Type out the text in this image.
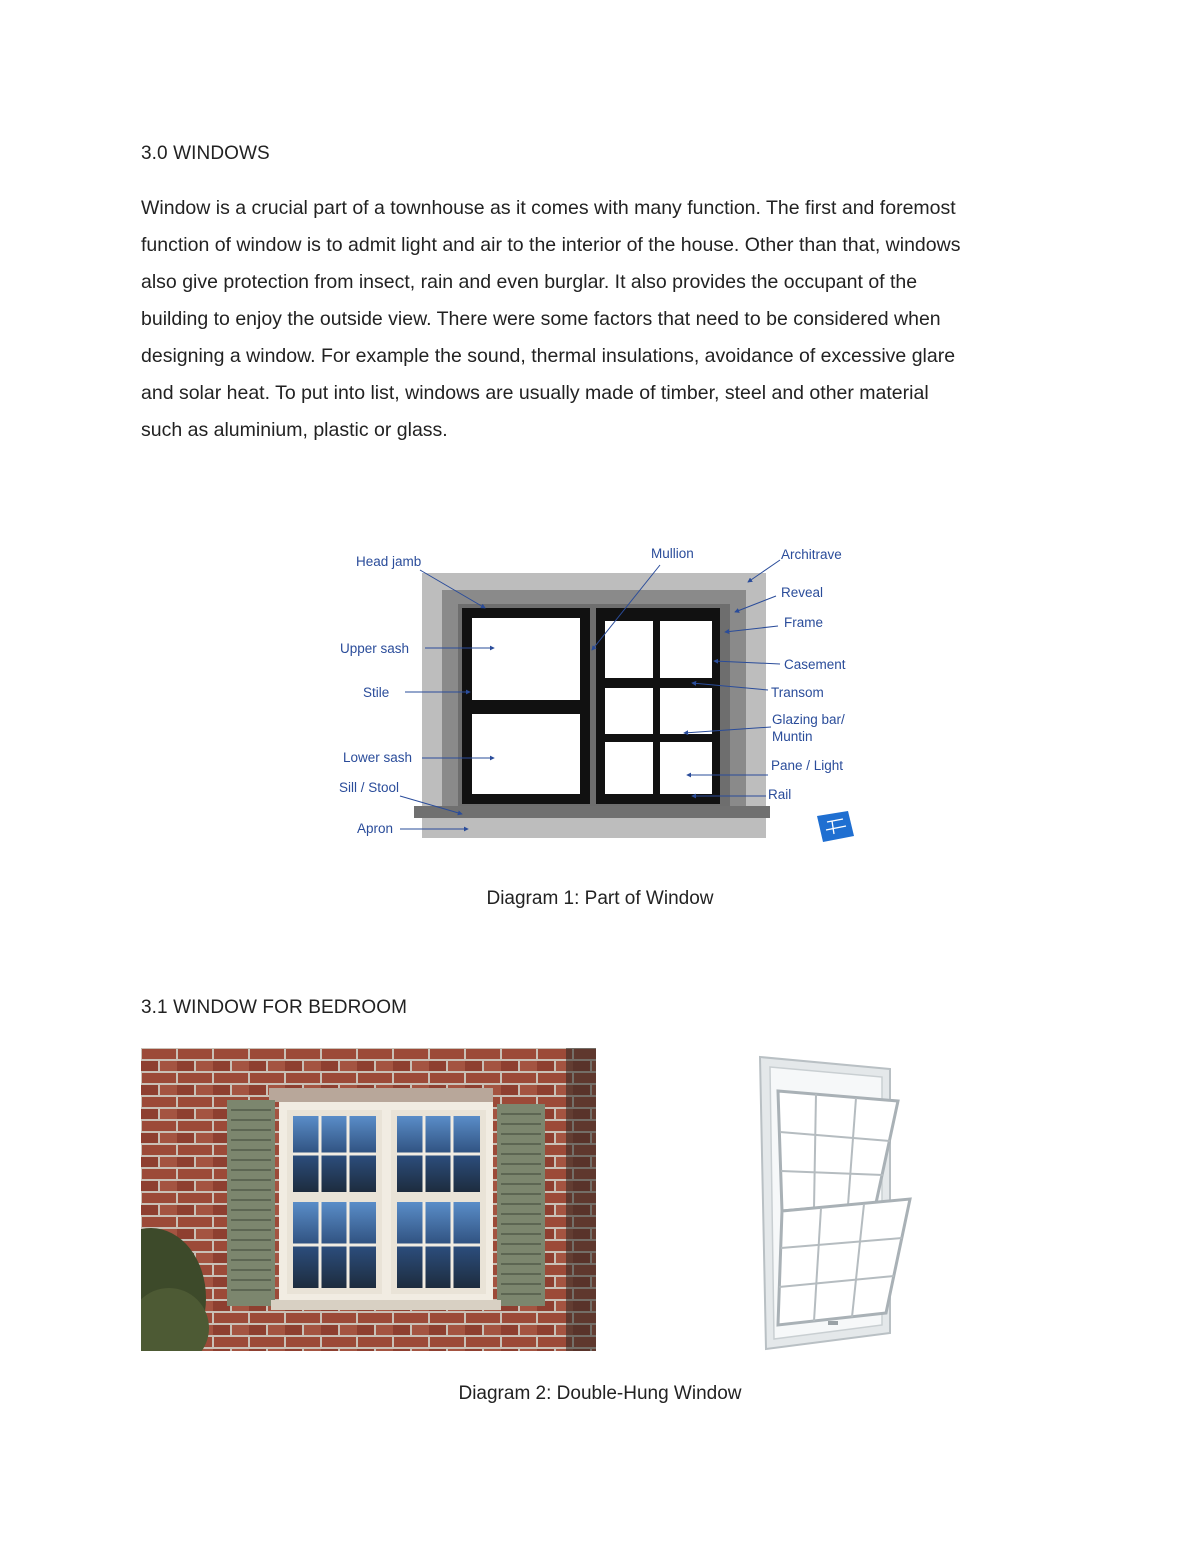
3.0 WINDOWS

Window is a crucial part of a townhouse as it comes with many function. The first and foremost
function of window is to admit light and air to the interior of the house. Other than that, windows
also give protection from insect, rain and even burglar. It also provides the occupant of the
building to enjoy the outside view. There were some factors that need to be considered when
designing a window. For example the sound, thermal insulations, avoidance of excessive glare
and solar heat. To put into list, windows are usually made of timber, steel and other material
such as aluminium, plastic or glass.

Head jamb
Mullion	Architrave
Reveal
Frame
Upper sash
Casement
Stile	Transom
Glazing bar/
Muntin
Lower sash
Pane / Light
Sill / Stool	Rail
Apron
Diagram 1: Part of Window
3.1 WINDOW FOR BEDROOM
Diagram 2: Double-Hung Window
